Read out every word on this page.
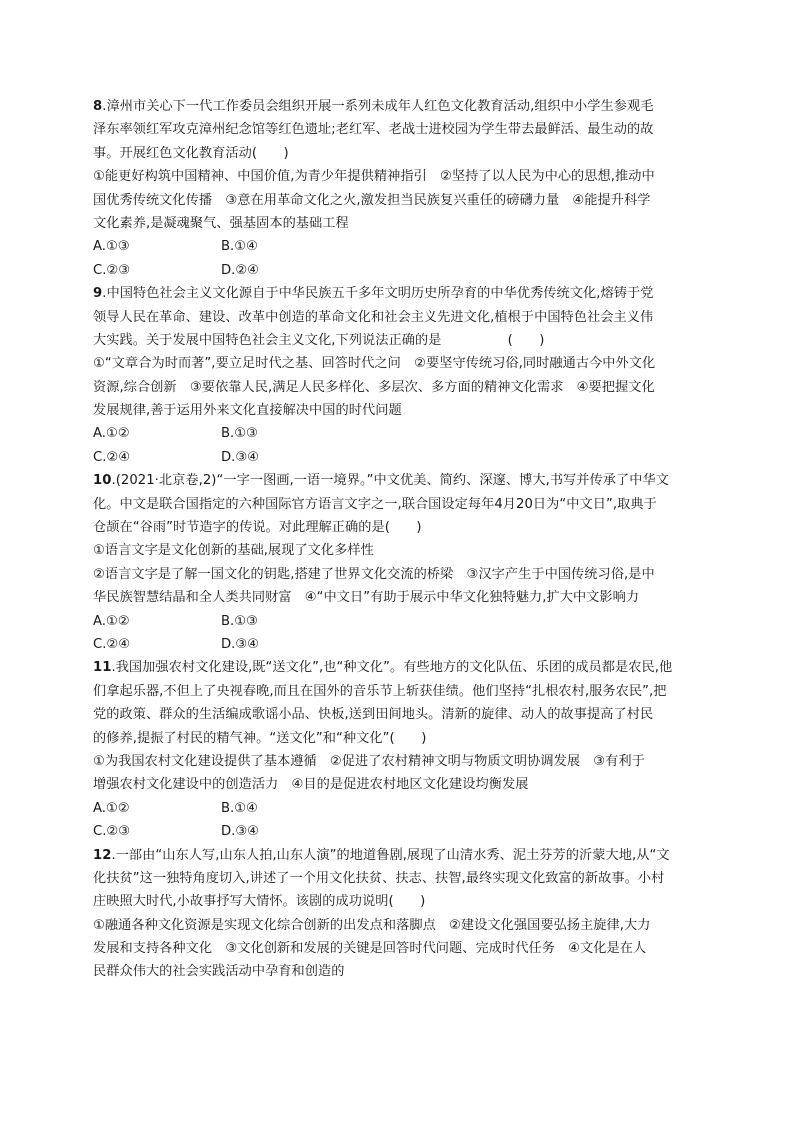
8.漳州市关心下一代工作委员会组织开展一系列未成年人红色文化教育活动,组织中小学生参观毛
泽东率领红军攻克漳州纪念馆等红色遗址;老红军、老战士进校园为学生带去最鲜活、最生动的故
事。开展红色文化教育活动(　　)
①能更好构筑中国精神、中国价值,为青少年提供精神指引　②坚持了以人民为中心的思想,推动中
国优秀传统文化传播　③意在用革命文化之火,激发担当民族复兴重任的磅礴力量　④能提升科学
文化素养,是凝魂聚气、强基固本的基础工程
A.①③	B.①④
C.②③	D.②④
9.中国特色社会主义文化源自于中华民族五千多年文明历史所孕育的中华优秀传统文化,熔铸于党
领导人民在革命、建设、改革中创造的革命文化和社会主义先进文化,植根于中国特色社会主义伟
大实践。关于发展中国特色社会主义文化,下列说法正确的是　　　　　(　　)
①“文章合为时而著”,要立足时代之基、回答时代之问　②要坚守传统习俗,同时融通古今中外文化
资源,综合创新　③要依靠人民,满足人民多样化、多层次、多方面的精神文化需求　④要把握文化
发展规律,善于运用外来文化直接解决中国的时代问题
A.①②	B.①③
C.②④	D.③④
10.(2021·北京卷,2)“一字一图画,一语一境界。”中文优美、简约、深邃、博大,书写并传承了中华文
化。中文是联合国指定的六种国际官方语言文字之一,联合国设定每年4月20日为“中文日”,取典于
仓颉在“谷雨”时节造字的传说。对此理解正确的是(　　)
①语言文字是文化创新的基础,展现了文化多样性
②语言文字是了解一国文化的钥匙,搭建了世界文化交流的桥梁　③汉字产生于中国传统习俗,是中
华民族智慧结晶和全人类共同财富　④“中文日”有助于展示中华文化独特魅力,扩大中文影响力
A.①②	B.①③
C.②④	D.③④
11.我国加强农村文化建设,既“送文化”,也“种文化”。有些地方的文化队伍、乐团的成员都是农民,他
们拿起乐器,不但上了央视春晚,而且在国外的音乐节上斩获佳绩。他们坚持“扎根农村,服务农民”,把
党的政策、群众的生活编成歌谣小品、快板,送到田间地头。清新的旋律、动人的故事提高了村民
的修养,提振了村民的精气神。“送文化”和“种文化”(　　)
①为我国农村文化建设提供了基本遵循　②促进了农村精神文明与物质文明协调发展　③有利于
增强农村文化建设中的创造活力　④目的是促进农村地区文化建设均衡发展
A.①②	B.①④
C.②③	D.③④
12.一部由“山东人写,山东人拍,山东人演”的地道鲁剧,展现了山清水秀、泥土芬芳的沂蒙大地,从“文
化扶贫”这一独特角度切入,讲述了一个用文化扶贫、扶志、扶智,最终实现文化致富的新故事。小村
庄映照大时代,小故事抒写大情怀。该剧的成功说明(　　)
①融通各种文化资源是实现文化综合创新的出发点和落脚点　②建设文化强国要弘扬主旋律,大力
发展和支持各种文化　③文化创新和发展的关键是回答时代问题、完成时代任务　④文化是在人
民群众伟大的社会实践活动中孕育和创造的
